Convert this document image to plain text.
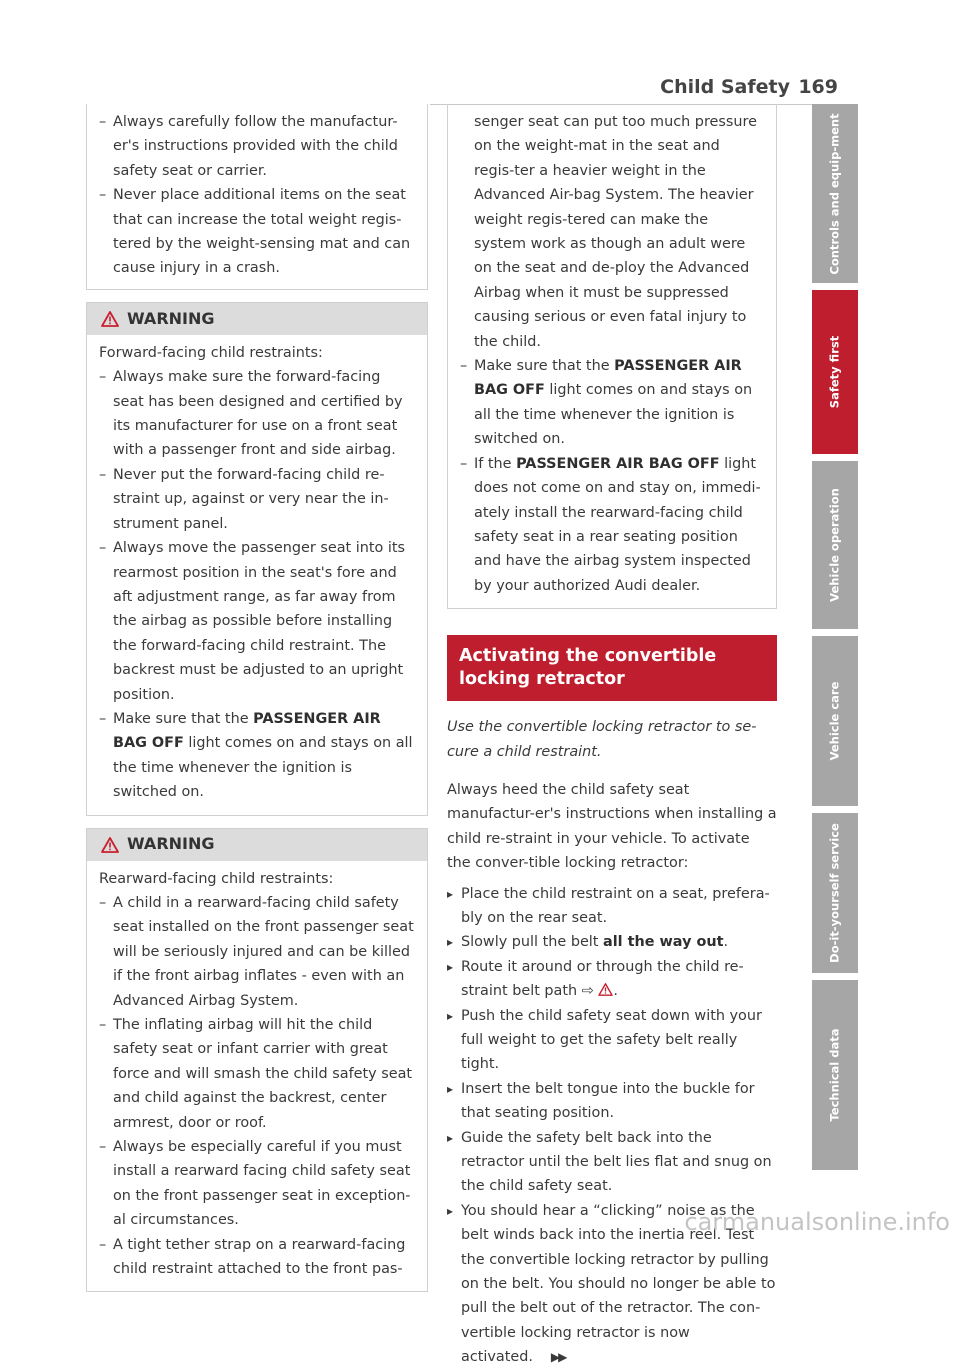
Child Safety 169
– Always carefully follow the manufactur-er's instructions provided with the child safety seat or carrier.
– Never place additional items on the seat that can increase the total weight regis-tered by the weight-sensing mat and can cause injury in a crash.
WARNING
Forward-facing child restraints:
– Always make sure the forward-facing seat has been designed and certified by its manufacturer for use on a front seat with a passenger front and side airbag.
– Never put the forward-facing child re-straint up, against or very near the in-strument panel.
– Always move the passenger seat into its rearmost position in the seat's fore and aft adjustment range, as far away from the airbag as possible before installing the forward-facing child restraint. The backrest must be adjusted to an upright position.
– Make sure that the PASSENGER AIR BAG OFF light comes on and stays on all the time whenever the ignition is switched on.
WARNING
Rearward-facing child restraints:
– A child in a rearward-facing child safety seat installed on the front passenger seat will be seriously injured and can be killed if the front airbag inflates - even with an Advanced Airbag System.
– The inflating airbag will hit the child safety seat or infant carrier with great force and will smash the child safety seat and child against the backrest, center armrest, door or roof.
– Always be especially careful if you must install a rearward facing child safety seat on the front passenger seat in exception-al circumstances.
– A tight tether strap on a rearward-facing child restraint attached to the front pas-
senger seat can put too much pressure on the weight-mat in the seat and regis-ter a heavier weight in the Advanced Air-bag System. The heavier weight regis-tered can make the system work as though an adult were on the seat and de-ploy the Advanced Airbag when it must be suppressed causing serious or even fatal injury to the child.
– Make sure that the PASSENGER AIR BAG OFF light comes on and stays on all the time whenever the ignition is switched on.
– If the PASSENGER AIR BAG OFF light does not come on and stay on, immedi-ately install the rearward-facing child safety seat in a rear seating position and have the airbag system inspected by your authorized Audi dealer.
Activating the convertible locking retractor
Use the convertible locking retractor to se-cure a child restraint.
Always heed the child safety seat manufactur-er's instructions when installing a child re-straint in your vehicle. To activate the conver-tible locking retractor:
▸ Place the child restraint on a seat, prefera-bly on the rear seat.
▸ Slowly pull the belt all the way out.
▸ Route it around or through the child re-straint belt path ⇨ .
▸ Push the child safety seat down with your full weight to get the safety belt really tight.
▸ Insert the belt tongue into the buckle for that seating position.
▸ Guide the safety belt back into the retractor until the belt lies flat and snug on the child safety seat.
▸ You should hear a “clicking” noise as the belt winds back into the inertia reel. Test the convertible locking retractor by pulling on the belt. You should no longer be able to pull the belt out of the retractor. The con-vertible locking retractor is now activated. ▶▶
Controls and equip-ment
Safety first
Vehicle operation
Vehicle care
Do-it-yourself service
Technical data
carmanualsonline.info
